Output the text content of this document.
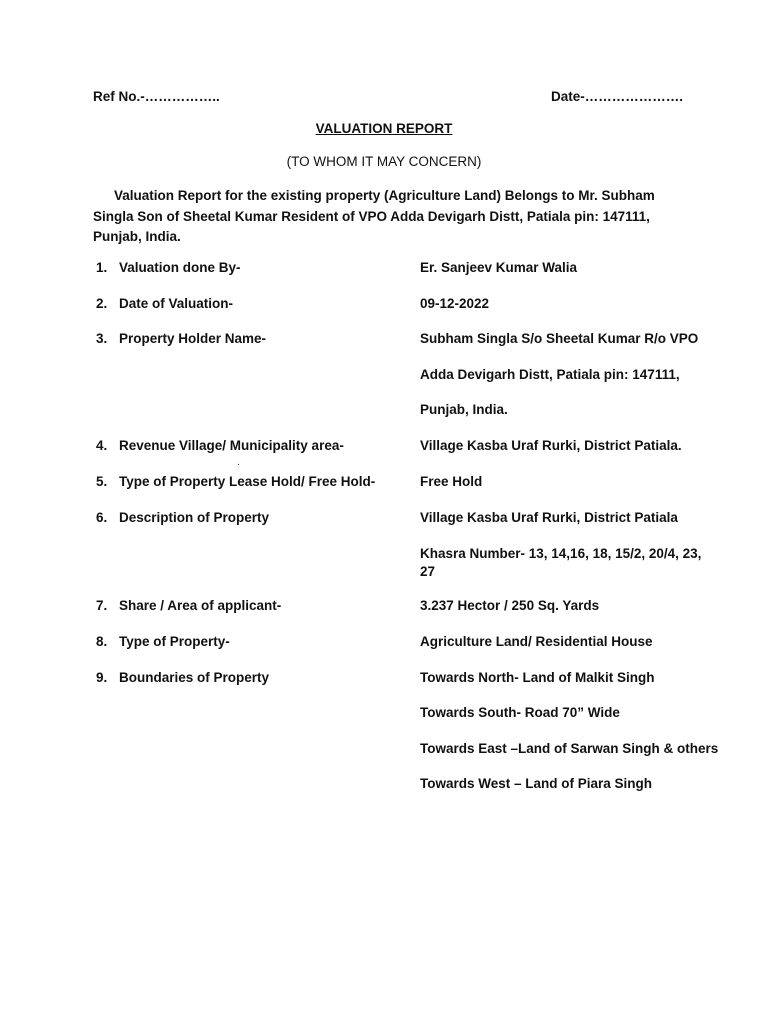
Ref No.-……………..	Date-………………….
VALUATION REPORT
(TO WHOM IT MAY CONCERN)
Valuation Report for the existing property (Agriculture Land) Belongs to Mr. Subham Singla Son of Sheetal Kumar Resident of VPO Adda Devigarh Distt, Patiala pin: 147111, Punjab, India.
1. Valuation done By-	Er. Sanjeev Kumar Walia
2. Date of Valuation-	09-12-2022
3. Property Holder Name-	Subham Singla S/o Sheetal Kumar R/o VPO
Adda Devigarh Distt, Patiala pin: 147111,
Punjab, India.
4. Revenue Village/ Municipality area-	Village Kasba Uraf Rurki, District Patiala.
.
5. Type of Property Lease Hold/ Free Hold-	Free Hold
6. Description of Property	Village Kasba Uraf Rurki, District Patiala
Khasra Number- 13, 14,16, 18, 15/2, 20/4, 23, 27
7. Share / Area of applicant-	3.237 Hector / 250 Sq. Yards
8. Type of Property-	Agriculture Land/ Residential House
9. Boundaries of Property	Towards North- Land of Malkit Singh
Towards South- Road 70” Wide
Towards East –Land of Sarwan Singh & others
Towards West – Land of Piara Singh
